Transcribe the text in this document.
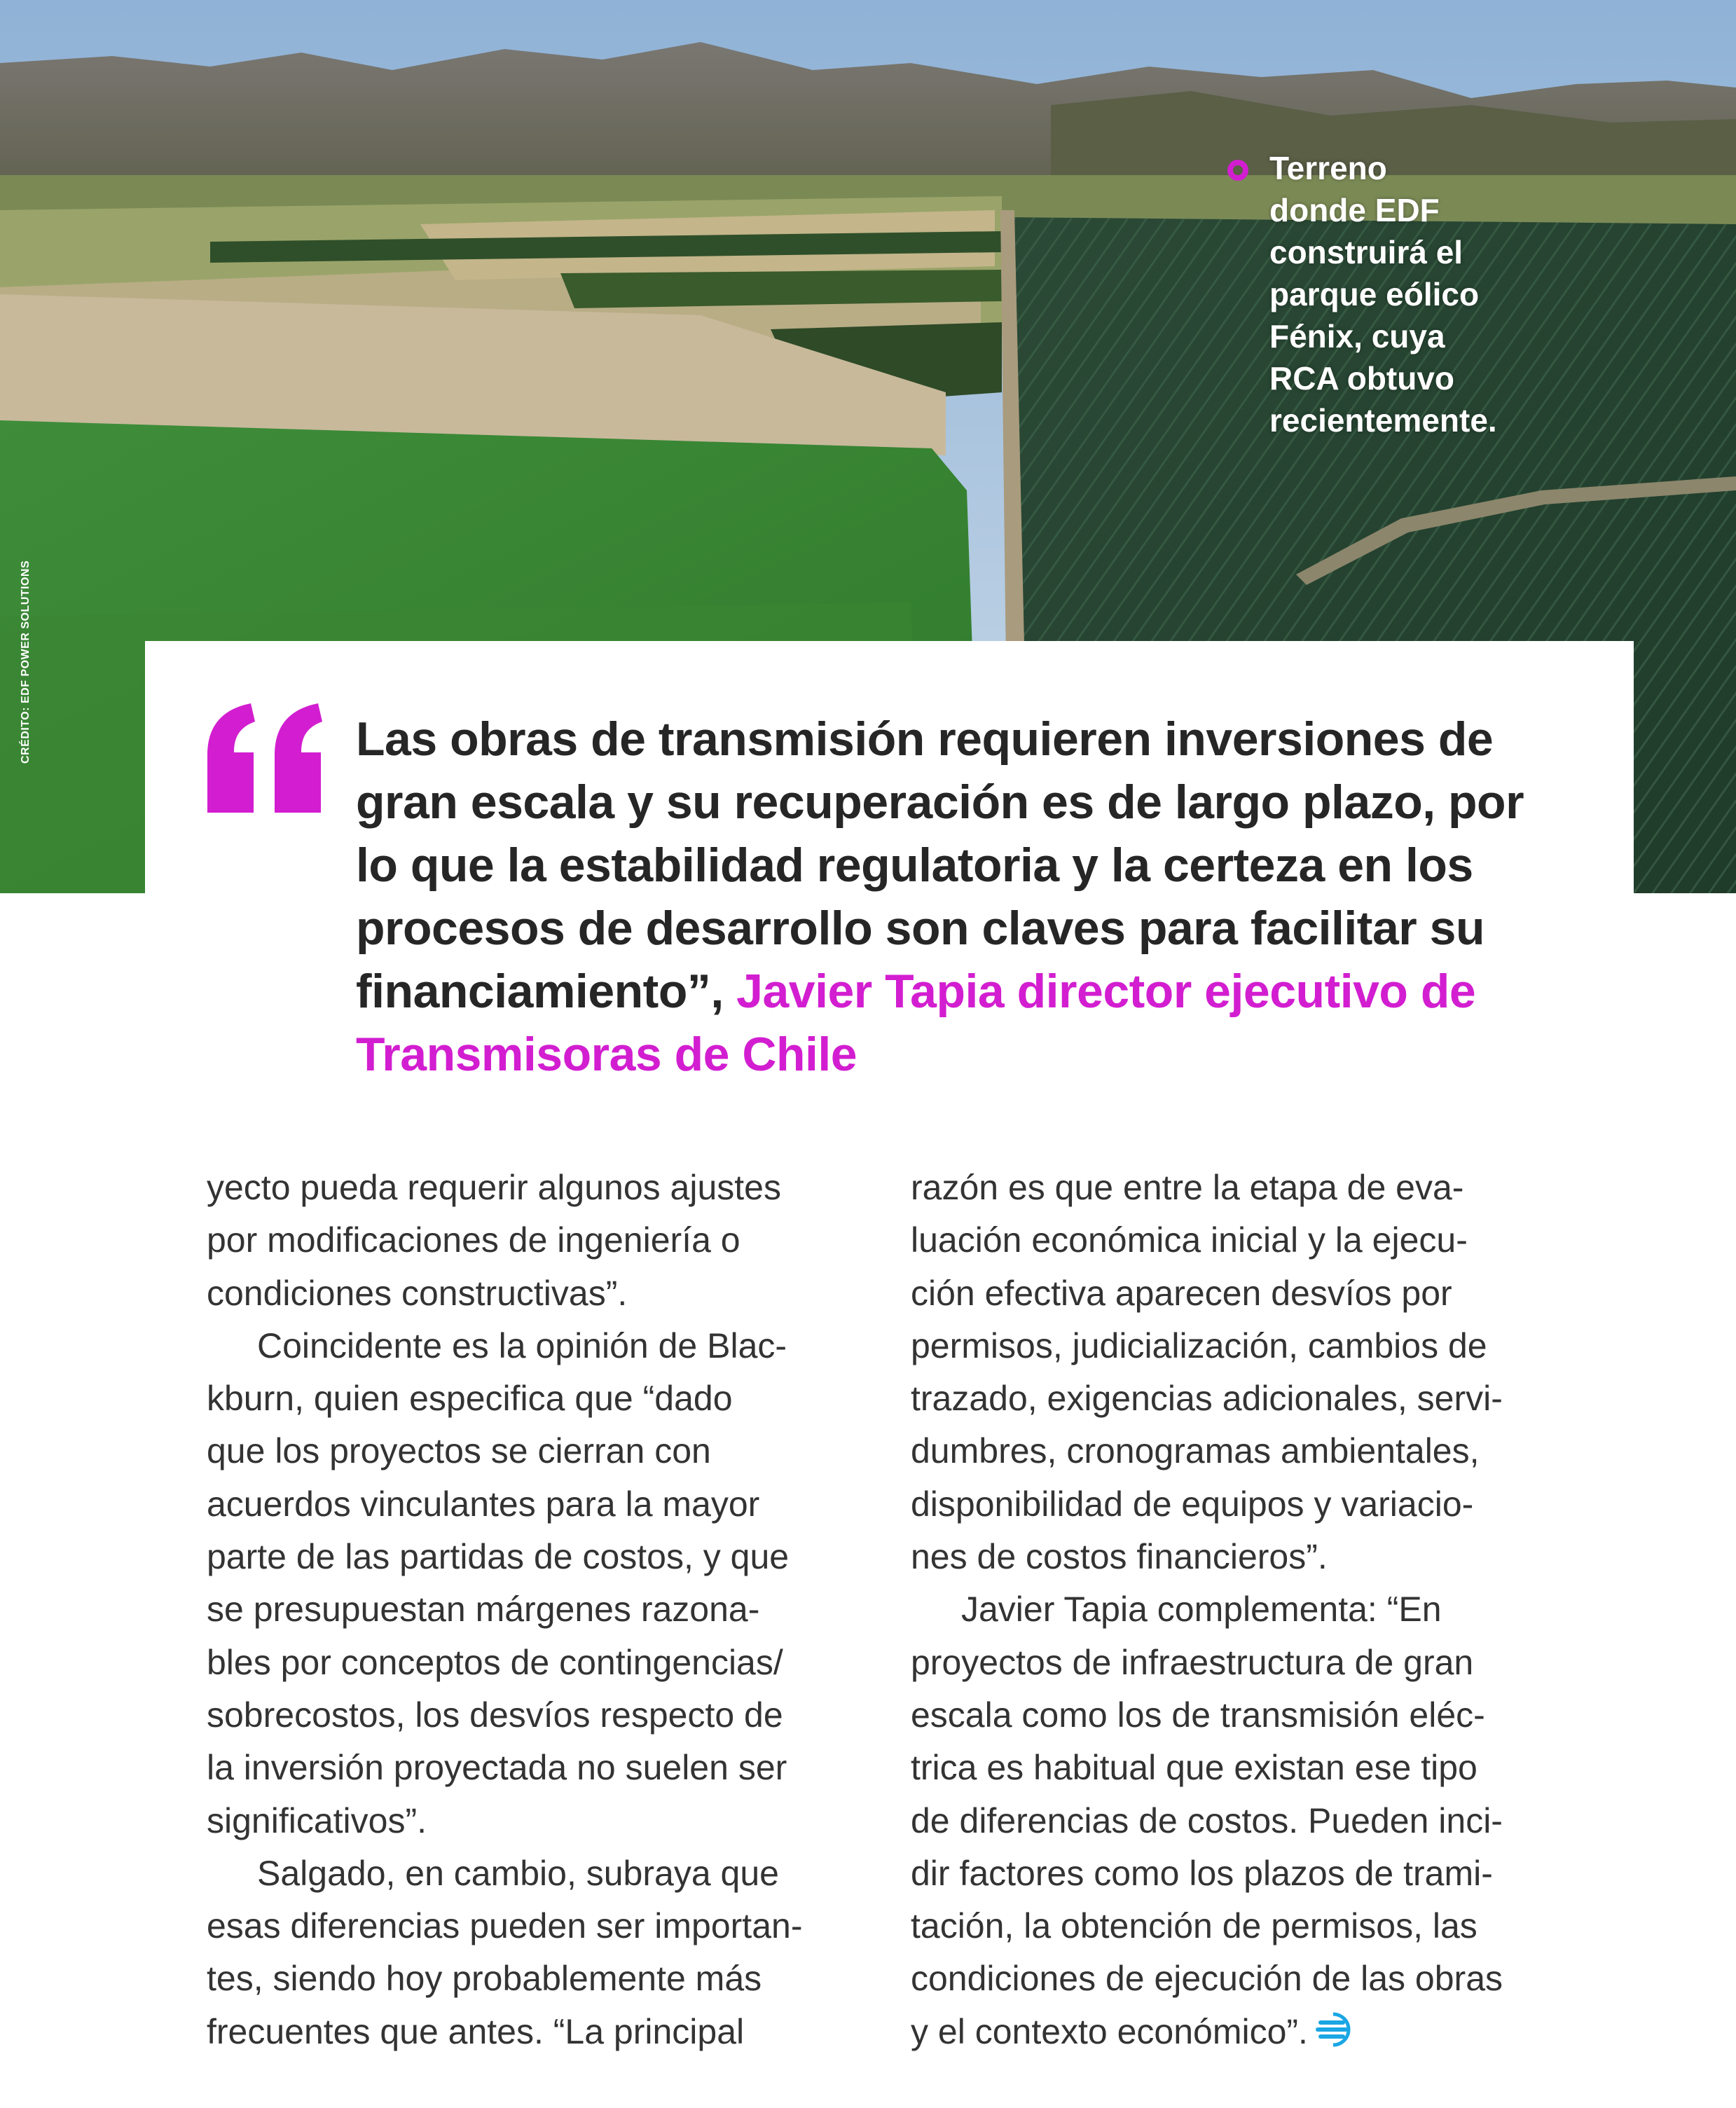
CRÉDITO: EDF POWER SOLUTIONS
Terreno
donde EDF
construirá el
parque eólico
Fénix, cuya
RCA obtuvo
recientemente.
Las obras de transmisión requieren inversiones de
gran escala y su recuperación es de largo plazo, por
lo que la estabilidad regulatoria y la certeza en los
procesos de desarrollo son claves para facilitar su
financiamiento”, Javier Tapia director ejecutivo de
Transmisoras de Chile
yecto pueda requerir algunos ajustes
por modificaciones de ingeniería o
condiciones constructivas”.
Coincidente es la opinión de Blac-
kburn, quien especifica que “dado
que los proyectos se cierran con
acuerdos vinculantes para la mayor
parte de las partidas de costos, y que
se presupuestan márgenes razona-
bles por conceptos de contingencias/
sobrecostos, los desvíos respecto de
la inversión proyectada no suelen ser
significativos”.
Salgado, en cambio, subraya que
esas diferencias pueden ser importan-
tes, siendo hoy probablemente más
frecuentes que antes. “La principal
razón es que entre la etapa de eva-
luación económica inicial y la ejecu-
ción efectiva aparecen desvíos por
permisos, judicialización, cambios de
trazado, exigencias adicionales, servi-
dumbres, cronogramas ambientales,
disponibilidad de equipos y variacio-
nes de costos financieros”.
Javier Tapia complementa: “En
proyectos de infraestructura de gran
escala como los de transmisión eléc-
trica es habitual que existan ese tipo
de diferencias de costos. Pueden inci-
dir factores como los plazos de trami-
tación, la obtención de permisos, las
condiciones de ejecución de las obras
y el contexto económico”.
